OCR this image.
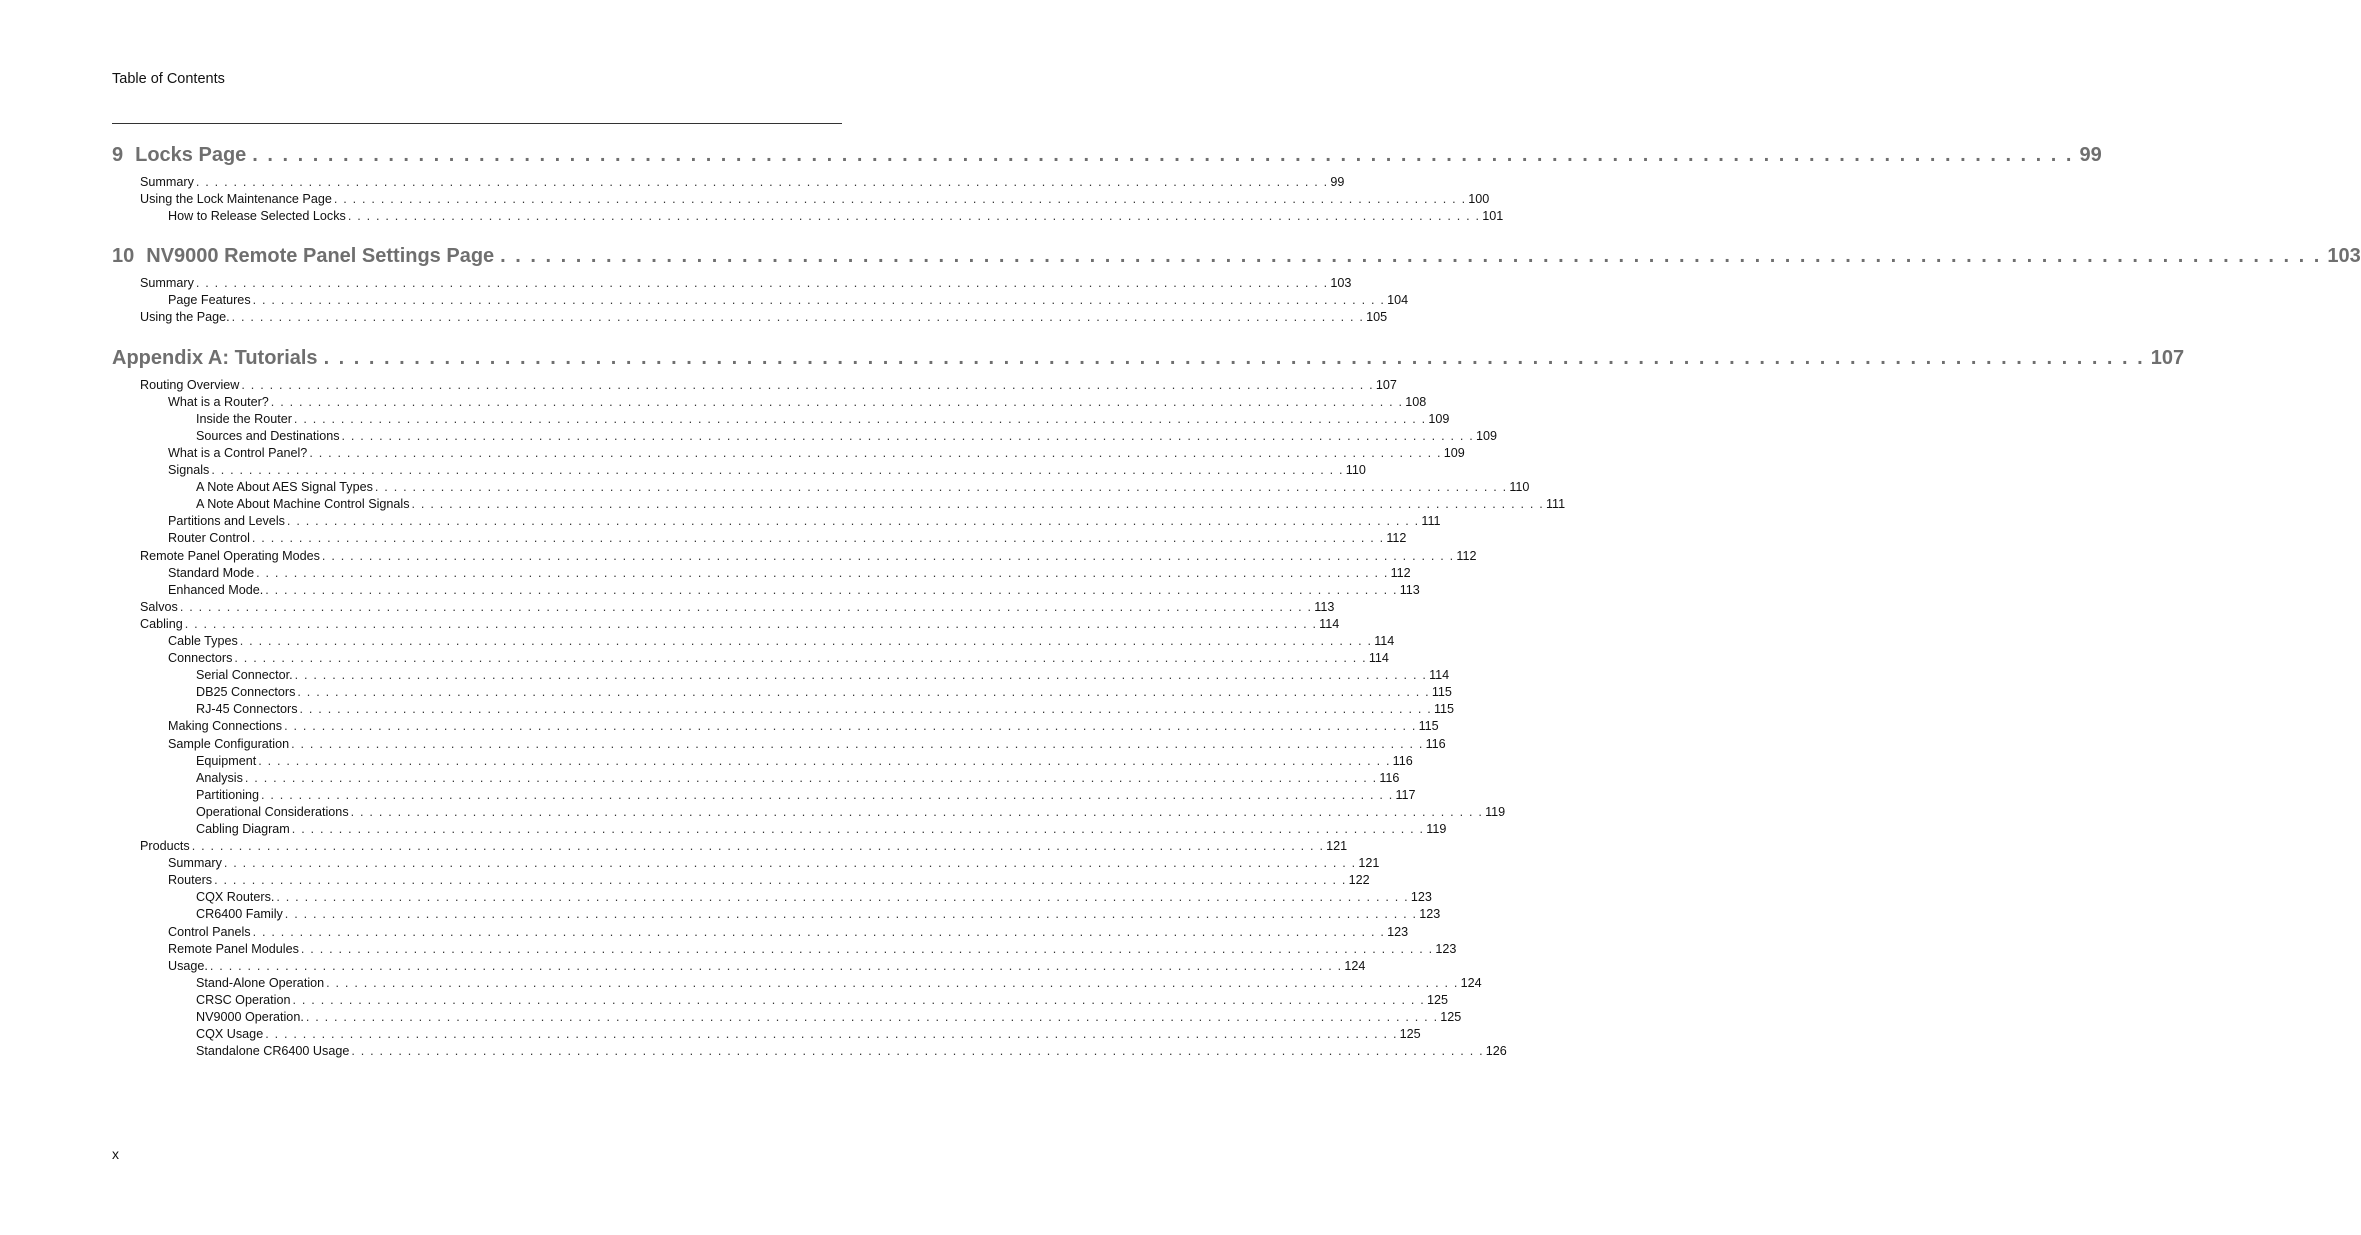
Table of Contents
9 Locks Page . . . . . . . . . . . . . . . . . . . . . . . . . . . . . . . . . . . . . . . . . . . . . . . . . . . . . . . . . . . . . . . . . . . . . . . . . . . . . . . . . . . . . . . . . . . . . . . . . . . . . . . . . . . . . . . . . . . . . . . . . 99
Summary . . . . . . . . . . . . . . . . . . . . . . . . . . . . . . . . . . . . . . . . . . . . . . . . . . . . . . . . . . . . . . . . . . . . . . . . . . . . . . . . . . . . . . . . . . . . . . . . . . . . . . . . . . . . . . . . . . . . . . . . . 99
Using the Lock Maintenance Page . . . . . . . . . . . . . . . . . . . . . . . . . . . . . . . . . . . . . . . . . . . . . . . . . . . . . . . . . . . . . . . . . . . . . . . . . . . . . . . . . . . . . . . . . . . . . . . . . . . . . . . . . . . . . . . . . . . . . . . . . 100
How to Release Selected Locks . . . . . . . . . . . . . . . . . . . . . . . . . . . . . . . . . . . . . . . . . . . . . . . . . . . . . . . . . . . . . . . . . . . . . . . . . . . . . . . . . . . . . . . . . . . . . . . . . . . . . . . . . . . . . . . . . . . . . . . . . 101
10 NV9000 Remote Panel Settings Page . . . . . . . . . . . . . . . . . . . . . . . . . . . . . . . . . . . . . . . . . . . . . . . . . . . . . . . . . . . . . . . . . . . . . . . . . . . . . . . . . . . . . . . . . . . . . . . . . . . . . . . . . . . . . . . . . . . . . . . . . 103
Summary . . . . . . . . . . . . . . . . . . . . . . . . . . . . . . . . . . . . . . . . . . . . . . . . . . . . . . . . . . . . . . . . . . . . . . . . . . . . . . . . . . . . . . . . . . . . . . . . . . . . . . . . . . . . . . . . . . . . . . . . . 103
Page Features . . . . . . . . . . . . . . . . . . . . . . . . . . . . . . . . . . . . . . . . . . . . . . . . . . . . . . . . . . . . . . . . . . . . . . . . . . . . . . . . . . . . . . . . . . . . . . . . . . . . . . . . . . . . . . . . . . . . . . . . . 104
Using the Page. . . . . . . . . . . . . . . . . . . . . . . . . . . . . . . . . . . . . . . . . . . . . . . . . . . . . . . . . . . . . . . . . . . . . . . . . . . . . . . . . . . . . . . . . . . . . . . . . . . . . . . . . . . . . . . . . . . . . . . . . . 105
Appendix A: Tutorials . . . . . . . . . . . . . . . . . . . . . . . . . . . . . . . . . . . . . . . . . . . . . . . . . . . . . . . . . . . . . . . . . . . . . . . . . . . . . . . . . . . . . . . . . . . . . . . . . . . . . . . . . . . . . . . . . . . . . . . . . 107
Routing Overview . . . . . . . . . . . . . . . . . . . . . . . . . . . . . . . . . . . . . . . . . . . . . . . . . . . . . . . . . . . . . . . . . . . . . . . . . . . . . . . . . . . . . . . . . . . . . . . . . . . . . . . . . . . . . . . . . . . . . . . . . 107
What is a Router? . . . . . . . . . . . . . . . . . . . . . . . . . . . . . . . . . . . . . . . . . . . . . . . . . . . . . . . . . . . . . . . . . . . . . . . . . . . . . . . . . . . . . . . . . . . . . . . . . . . . . . . . . . . . . . . . . . . . . . . . . 108
Inside the Router . . . . . . . . . . . . . . . . . . . . . . . . . . . . . . . . . . . . . . . . . . . . . . . . . . . . . . . . . . . . . . . . . . . . . . . . . . . . . . . . . . . . . . . . . . . . . . . . . . . . . . . . . . . . . . . . . . . . . . . . . 109
Sources and Destinations . . . . . . . . . . . . . . . . . . . . . . . . . . . . . . . . . . . . . . . . . . . . . . . . . . . . . . . . . . . . . . . . . . . . . . . . . . . . . . . . . . . . . . . . . . . . . . . . . . . . . . . . . . . . . . . . . . . . . . . . . 109
What is a Control Panel? . . . . . . . . . . . . . . . . . . . . . . . . . . . . . . . . . . . . . . . . . . . . . . . . . . . . . . . . . . . . . . . . . . . . . . . . . . . . . . . . . . . . . . . . . . . . . . . . . . . . . . . . . . . . . . . . . . . . . . . . . 109
Signals . . . . . . . . . . . . . . . . . . . . . . . . . . . . . . . . . . . . . . . . . . . . . . . . . . . . . . . . . . . . . . . . . . . . . . . . . . . . . . . . . . . . . . . . . . . . . . . . . . . . . . . . . . . . . . . . . . . . . . . . . 110
A Note About AES Signal Types . . . . . . . . . . . . . . . . . . . . . . . . . . . . . . . . . . . . . . . . . . . . . . . . . . . . . . . . . . . . . . . . . . . . . . . . . . . . . . . . . . . . . . . . . . . . . . . . . . . . . . . . . . . . . . . . . . . . . . . . . 110
A Note About Machine Control Signals . . . . . . . . . . . . . . . . . . . . . . . . . . . . . . . . . . . . . . . . . . . . . . . . . . . . . . . . . . . . . . . . . . . . . . . . . . . . . . . . . . . . . . . . . . . . . . . . . . . . . . . . . . . . . . . . . . . . . . . . . 111
Partitions and Levels . . . . . . . . . . . . . . . . . . . . . . . . . . . . . . . . . . . . . . . . . . . . . . . . . . . . . . . . . . . . . . . . . . . . . . . . . . . . . . . . . . . . . . . . . . . . . . . . . . . . . . . . . . . . . . . . . . . . . . . . . 111
Router Control . . . . . . . . . . . . . . . . . . . . . . . . . . . . . . . . . . . . . . . . . . . . . . . . . . . . . . . . . . . . . . . . . . . . . . . . . . . . . . . . . . . . . . . . . . . . . . . . . . . . . . . . . . . . . . . . . . . . . . . . . 112
Remote Panel Operating Modes . . . . . . . . . . . . . . . . . . . . . . . . . . . . . . . . . . . . . . . . . . . . . . . . . . . . . . . . . . . . . . . . . . . . . . . . . . . . . . . . . . . . . . . . . . . . . . . . . . . . . . . . . . . . . . . . . . . . . . . . . 112
Standard Mode . . . . . . . . . . . . . . . . . . . . . . . . . . . . . . . . . . . . . . . . . . . . . . . . . . . . . . . . . . . . . . . . . . . . . . . . . . . . . . . . . . . . . . . . . . . . . . . . . . . . . . . . . . . . . . . . . . . . . . . . . 112
Enhanced Mode. . . . . . . . . . . . . . . . . . . . . . . . . . . . . . . . . . . . . . . . . . . . . . . . . . . . . . . . . . . . . . . . . . . . . . . . . . . . . . . . . . . . . . . . . . . . . . . . . . . . . . . . . . . . . . . . . . . . . . . . . . 113
Salvos . . . . . . . . . . . . . . . . . . . . . . . . . . . . . . . . . . . . . . . . . . . . . . . . . . . . . . . . . . . . . . . . . . . . . . . . . . . . . . . . . . . . . . . . . . . . . . . . . . . . . . . . . . . . . . . . . . . . . . . . . 113
Cabling . . . . . . . . . . . . . . . . . . . . . . . . . . . . . . . . . . . . . . . . . . . . . . . . . . . . . . . . . . . . . . . . . . . . . . . . . . . . . . . . . . . . . . . . . . . . . . . . . . . . . . . . . . . . . . . . . . . . . . . . . 114
Cable Types . . . . . . . . . . . . . . . . . . . . . . . . . . . . . . . . . . . . . . . . . . . . . . . . . . . . . . . . . . . . . . . . . . . . . . . . . . . . . . . . . . . . . . . . . . . . . . . . . . . . . . . . . . . . . . . . . . . . . . . . . 114
Connectors . . . . . . . . . . . . . . . . . . . . . . . . . . . . . . . . . . . . . . . . . . . . . . . . . . . . . . . . . . . . . . . . . . . . . . . . . . . . . . . . . . . . . . . . . . . . . . . . . . . . . . . . . . . . . . . . . . . . . . . . . 114
Serial Connector. . . . . . . . . . . . . . . . . . . . . . . . . . . . . . . . . . . . . . . . . . . . . . . . . . . . . . . . . . . . . . . . . . . . . . . . . . . . . . . . . . . . . . . . . . . . . . . . . . . . . . . . . . . . . . . . . . . . . . . . . . 114
DB25 Connectors . . . . . . . . . . . . . . . . . . . . . . . . . . . . . . . . . . . . . . . . . . . . . . . . . . . . . . . . . . . . . . . . . . . . . . . . . . . . . . . . . . . . . . . . . . . . . . . . . . . . . . . . . . . . . . . . . . . . . . . . . 115
RJ-45 Connectors . . . . . . . . . . . . . . . . . . . . . . . . . . . . . . . . . . . . . . . . . . . . . . . . . . . . . . . . . . . . . . . . . . . . . . . . . . . . . . . . . . . . . . . . . . . . . . . . . . . . . . . . . . . . . . . . . . . . . . . . . 115
Making Connections . . . . . . . . . . . . . . . . . . . . . . . . . . . . . . . . . . . . . . . . . . . . . . . . . . . . . . . . . . . . . . . . . . . . . . . . . . . . . . . . . . . . . . . . . . . . . . . . . . . . . . . . . . . . . . . . . . . . . . . . . 115
Sample Configuration . . . . . . . . . . . . . . . . . . . . . . . . . . . . . . . . . . . . . . . . . . . . . . . . . . . . . . . . . . . . . . . . . . . . . . . . . . . . . . . . . . . . . . . . . . . . . . . . . . . . . . . . . . . . . . . . . . . . . . . . . 116
Equipment . . . . . . . . . . . . . . . . . . . . . . . . . . . . . . . . . . . . . . . . . . . . . . . . . . . . . . . . . . . . . . . . . . . . . . . . . . . . . . . . . . . . . . . . . . . . . . . . . . . . . . . . . . . . . . . . . . . . . . . . . 116
Analysis . . . . . . . . . . . . . . . . . . . . . . . . . . . . . . . . . . . . . . . . . . . . . . . . . . . . . . . . . . . . . . . . . . . . . . . . . . . . . . . . . . . . . . . . . . . . . . . . . . . . . . . . . . . . . . . . . . . . . . . . . 116
Partitioning . . . . . . . . . . . . . . . . . . . . . . . . . . . . . . . . . . . . . . . . . . . . . . . . . . . . . . . . . . . . . . . . . . . . . . . . . . . . . . . . . . . . . . . . . . . . . . . . . . . . . . . . . . . . . . . . . . . . . . . . . 117
Operational Considerations . . . . . . . . . . . . . . . . . . . . . . . . . . . . . . . . . . . . . . . . . . . . . . . . . . . . . . . . . . . . . . . . . . . . . . . . . . . . . . . . . . . . . . . . . . . . . . . . . . . . . . . . . . . . . . . . . . . . . . . . . 119
Cabling Diagram . . . . . . . . . . . . . . . . . . . . . . . . . . . . . . . . . . . . . . . . . . . . . . . . . . . . . . . . . . . . . . . . . . . . . . . . . . . . . . . . . . . . . . . . . . . . . . . . . . . . . . . . . . . . . . . . . . . . . . . . . 119
Products . . . . . . . . . . . . . . . . . . . . . . . . . . . . . . . . . . . . . . . . . . . . . . . . . . . . . . . . . . . . . . . . . . . . . . . . . . . . . . . . . . . . . . . . . . . . . . . . . . . . . . . . . . . . . . . . . . . . . . . . . 121
Summary . . . . . . . . . . . . . . . . . . . . . . . . . . . . . . . . . . . . . . . . . . . . . . . . . . . . . . . . . . . . . . . . . . . . . . . . . . . . . . . . . . . . . . . . . . . . . . . . . . . . . . . . . . . . . . . . . . . . . . . . . 121
Routers . . . . . . . . . . . . . . . . . . . . . . . . . . . . . . . . . . . . . . . . . . . . . . . . . . . . . . . . . . . . . . . . . . . . . . . . . . . . . . . . . . . . . . . . . . . . . . . . . . . . . . . . . . . . . . . . . . . . . . . . . 122
CQX Routers. . . . . . . . . . . . . . . . . . . . . . . . . . . . . . . . . . . . . . . . . . . . . . . . . . . . . . . . . . . . . . . . . . . . . . . . . . . . . . . . . . . . . . . . . . . . . . . . . . . . . . . . . . . . . . . . . . . . . . . . . . 123
CR6400 Family . . . . . . . . . . . . . . . . . . . . . . . . . . . . . . . . . . . . . . . . . . . . . . . . . . . . . . . . . . . . . . . . . . . . . . . . . . . . . . . . . . . . . . . . . . . . . . . . . . . . . . . . . . . . . . . . . . . . . . . . . 123
Control Panels . . . . . . . . . . . . . . . . . . . . . . . . . . . . . . . . . . . . . . . . . . . . . . . . . . . . . . . . . . . . . . . . . . . . . . . . . . . . . . . . . . . . . . . . . . . . . . . . . . . . . . . . . . . . . . . . . . . . . . . . . 123
Remote Panel Modules . . . . . . . . . . . . . . . . . . . . . . . . . . . . . . . . . . . . . . . . . . . . . . . . . . . . . . . . . . . . . . . . . . . . . . . . . . . . . . . . . . . . . . . . . . . . . . . . . . . . . . . . . . . . . . . . . . . . . . . . . 123
Usage. . . . . . . . . . . . . . . . . . . . . . . . . . . . . . . . . . . . . . . . . . . . . . . . . . . . . . . . . . . . . . . . . . . . . . . . . . . . . . . . . . . . . . . . . . . . . . . . . . . . . . . . . . . . . . . . . . . . . . . . . . 124
Stand-Alone Operation . . . . . . . . . . . . . . . . . . . . . . . . . . . . . . . . . . . . . . . . . . . . . . . . . . . . . . . . . . . . . . . . . . . . . . . . . . . . . . . . . . . . . . . . . . . . . . . . . . . . . . . . . . . . . . . . . . . . . . . . . 124
CRSC Operation . . . . . . . . . . . . . . . . . . . . . . . . . . . . . . . . . . . . . . . . . . . . . . . . . . . . . . . . . . . . . . . . . . . . . . . . . . . . . . . . . . . . . . . . . . . . . . . . . . . . . . . . . . . . . . . . . . . . . . . . . 125
NV9000 Operation. . . . . . . . . . . . . . . . . . . . . . . . . . . . . . . . . . . . . . . . . . . . . . . . . . . . . . . . . . . . . . . . . . . . . . . . . . . . . . . . . . . . . . . . . . . . . . . . . . . . . . . . . . . . . . . . . . . . . . . . . . 125
CQX Usage . . . . . . . . . . . . . . . . . . . . . . . . . . . . . . . . . . . . . . . . . . . . . . . . . . . . . . . . . . . . . . . . . . . . . . . . . . . . . . . . . . . . . . . . . . . . . . . . . . . . . . . . . . . . . . . . . . . . . . . . . 125
Standalone CR6400 Usage . . . . . . . . . . . . . . . . . . . . . . . . . . . . . . . . . . . . . . . . . . . . . . . . . . . . . . . . . . . . . . . . . . . . . . . . . . . . . . . . . . . . . . . . . . . . . . . . . . . . . . . . . . . . . . . . . . . . . . . . . 126
x
